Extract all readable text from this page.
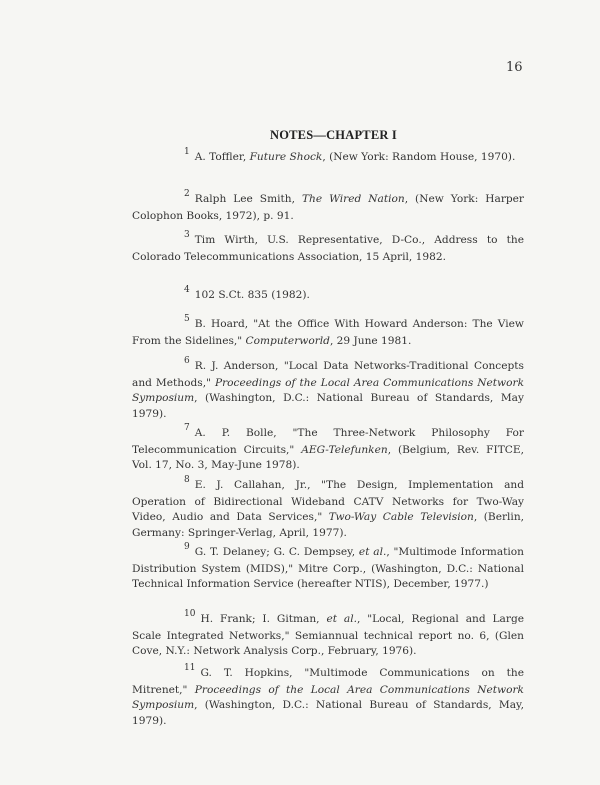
16
NOTES—CHAPTER I
$^1$ A. Toffler, Future Shock, (New York: Random House, 1970).
$^2$ Ralph Lee Smith, The Wired Nation, (New York: Harper Colophon Books, 1972), p. 91.
$^3$ Tim Wirth, U.S. Representative, D-Co., Address to the Colorado Telecommunications Association, 15 April, 1982.
$^4$ 102 S.Ct. 835 (1982).
$^5$ B. Hoard, "At the Office With Howard Anderson: The View From the Sidelines," Computerworld, 29 June 1981.
$^6$ R. J. Anderson, "Local Data Networks-Traditional Concepts and Methods," Proceedings of the Local Area Communications Network Symposium, (Washington, D.C.: National Bureau of Standards, May 1979).
$^7$ A. P. Bolle, "The Three-Network Philosophy For Telecommunication Circuits," AEG-Telefunken, (Belgium, Rev. FITCE, Vol. 17, No. 3, May-June 1978).
$^8$ E. J. Callahan, Jr., "The Design, Implementation and Operation of Bidirectional Wideband CATV Networks for Two-Way Video, Audio and Data Services," Two-Way Cable Television, (Berlin, Germany: Springer-Verlag, April, 1977).
$^9$ G. T. Delaney; G. C. Dempsey, et al., "Multimode Information Distribution System (MIDS)," Mitre Corp., (Washington, D.C.: National Technical Information Service (hereafter NTIS), December, 1977.)
$^{10}$ H. Frank; I. Gitman, et al., "Local, Regional and Large Scale Integrated Networks," Semiannual technical report no. 6, (Glen Cove, N.Y.: Network Analysis Corp., February, 1976).
$^{11}$ G. T. Hopkins, "Multimode Communications on the Mitrenet," Proceedings of the Local Area Communications Network Symposium, (Washington, D.C.: National Bureau of Standards, May, 1979).
